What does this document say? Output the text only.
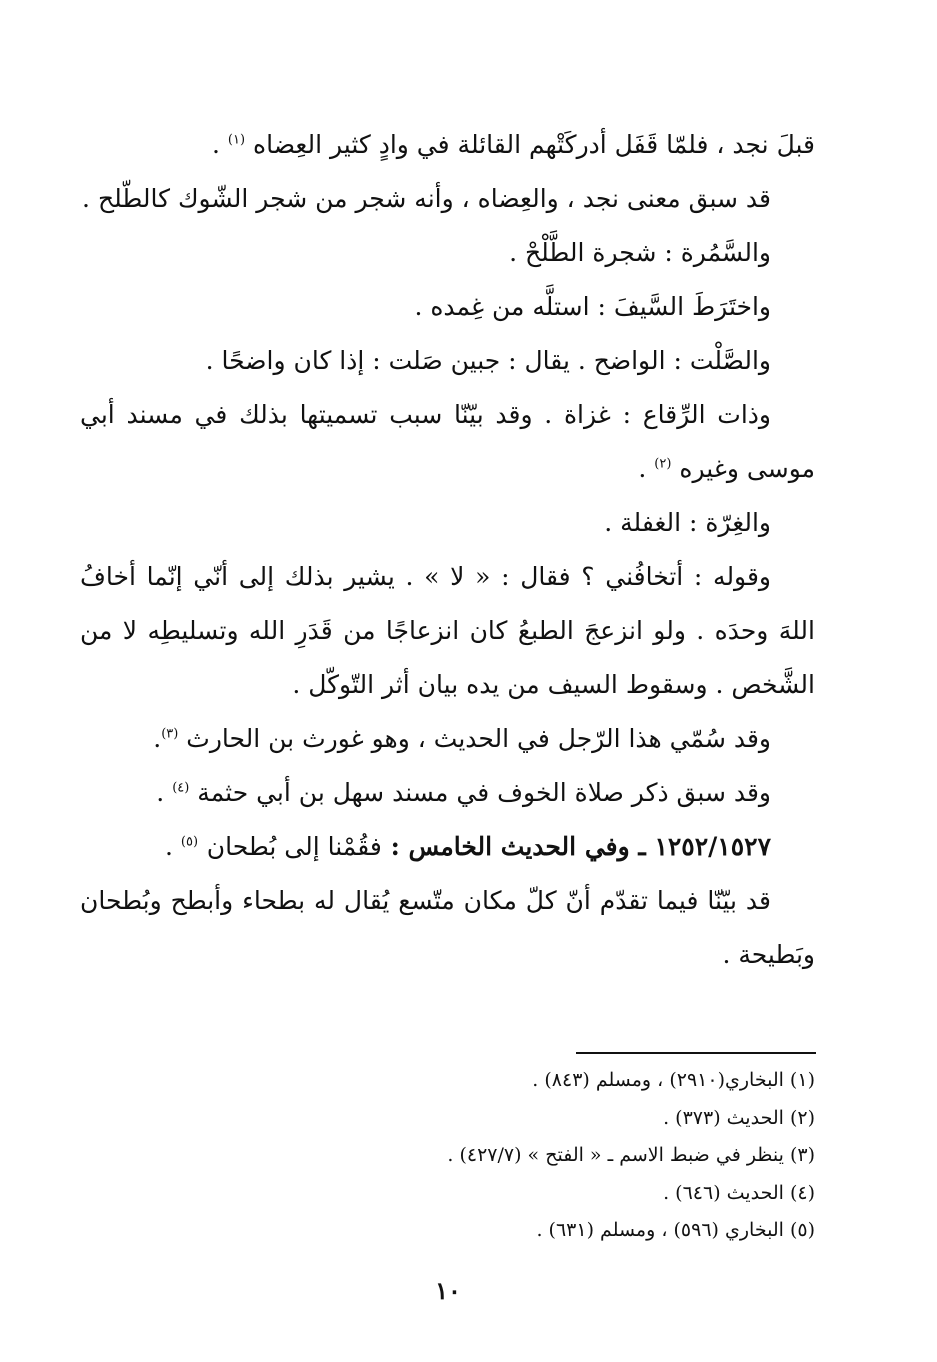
قبلَ نجد ، فلمّا قَفَل أدركَتْهم القائلة في وادٍ كثير العِضاه $^{(١)}$ .

قد سبق معنى نجد ، والعِضاه ، وأنه شجر من شجر الشّوك كالطّلح .

والسَّمُرة : شجرة الطَّلْحْ .

واختَرَطَ السَّيفَ : استلَّه من غِمده .

والصَّلْت : الواضح . يقال : جبين صَلت : إذا كان واضحًا .

وذات الرِّقاع : غزاة . وقد بيّنّا سبب تسميتها بذلك في مسند أبي موسى وغيره $^{(٢)}$ .

والغِرّة : الغفلة .

وقوله : أتخافُني ؟ فقال : « لا » . يشير بذلك إلى أنّي إنّما أخافُ اللهَ وحدَه . ولو انزعجَ الطبعُ كان انزعاجًا من قَدَرِ الله وتسليطِه لا من الشَّخص . وسقوط السيف من يده بيان أثر التّوكّل .

وقد سُمّي هذا الرّجل في الحديث ، وهو غورث بن الحارث $^{(٣)}$.

وقد سبق ذكر صلاة الخوف في مسند سهل بن أبي حثمة $^{(٤)}$ .

١٢٥٢/١٥٢٧ ـ وفي الحديث الخامس : فقُمْنا إلى بُطحان $^{(٥)}$ .

قد بيّنّا فيما تقدّم أنّ كلّ مكان متّسع يُقال له بطحاء وأبطح وبُطحان وبَطيحة .

(١) البخاري(٢٩١٠) ، ومسلم (٨٤٣) .

(٢) الحديث (٣٧٣) .

(٣) ينظر في ضبط الاسم ـ « الفتح » (٤٢٧/٧) .

(٤) الحديث (٦٤٦) .

(٥) البخاري (٥٩٦) ، ومسلم (٦٣١) .

١٠
